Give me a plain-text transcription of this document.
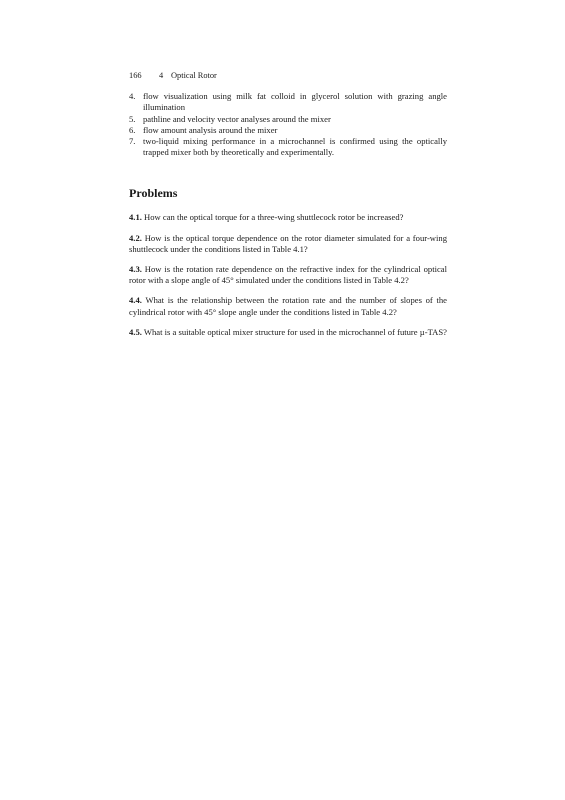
166	4 Optical Rotor
4. flow visualization using milk fat colloid in glycerol solution with grazing angle illumination
5. pathline and velocity vector analyses around the mixer
6. flow amount analysis around the mixer
7. two-liquid mixing performance in a microchannel is confirmed using the optically trapped mixer both by theoretically and experimentally.
Problems

4.1. How can the optical torque for a three-wing shuttlecock rotor be increased?

4.2. How is the optical torque dependence on the rotor diameter simulated for a four-wing shuttlecock under the conditions listed in Table 4.1?

4.3. How is the rotation rate dependence on the refractive index for the cylindrical optical rotor with a slope angle of 45° simulated under the conditions listed in Table 4.2?

4.4. What is the relationship between the rotation rate and the number of slopes of the cylindrical rotor with 45° slope angle under the conditions listed in Table 4.2?

4.5. What is a suitable optical mixer structure for used in the microchannel of future µ-TAS?
